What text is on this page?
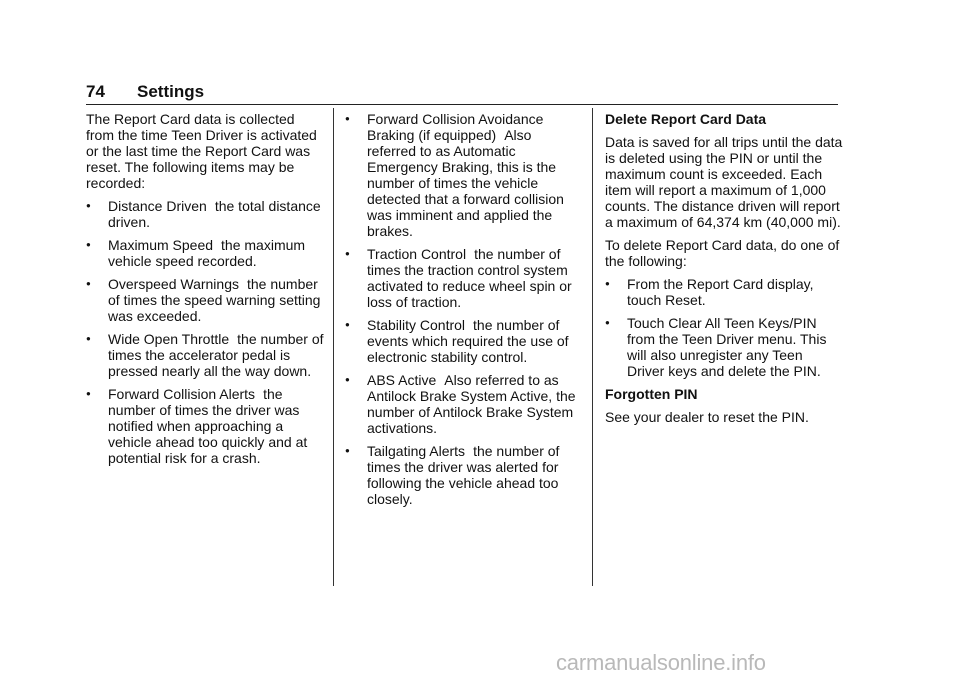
74 Settings

The Report Card data is collected from the time Teen Driver is activated or the last time the Report Card was reset. The following items may be recorded:

●	Distance Driven the total distance driven.
●	Maximum Speed the maximum vehicle speed recorded.
●	Overspeed Warnings the number of times the speed warning setting was exceeded.
●	Wide Open Throttle the number of times the accelerator pedal is pressed nearly all the way down.
●	Forward Collision Alerts the number of times the driver was notified when approaching a vehicle ahead too quickly and at potential risk for a crash.
●	Forward Collision Avoidance Braking (if equipped) Also referred to as Automatic Emergency Braking, this is the number of times the vehicle detected that a forward collision was imminent and applied the brakes.
●	Traction Control the number of times the traction control system activated to reduce wheel spin or loss of traction.
●	Stability Control the number of events which required the use of electronic stability control.
●	ABS Active Also referred to as Antilock Brake System Active, the number of Antilock Brake System activations.
●	Tailgating Alerts the number of times the driver was alerted for following the vehicle ahead too closely.
Delete Report Card Data

Data is saved for all trips until the data is deleted using the PIN or until the maximum count is exceeded. Each item will report a maximum of 1,000 counts. The distance driven will report a maximum of 64,374 km (40,000 mi).

To delete Report Card data, do one of the following:

●	From the Report Card display, touch Reset.
●	Touch Clear All Teen Keys/PIN from the Teen Driver menu. This will also unregister any Teen Driver keys and delete the PIN.
Forgotten PIN

See your dealer to reset the PIN.

carmanualsonline.info
